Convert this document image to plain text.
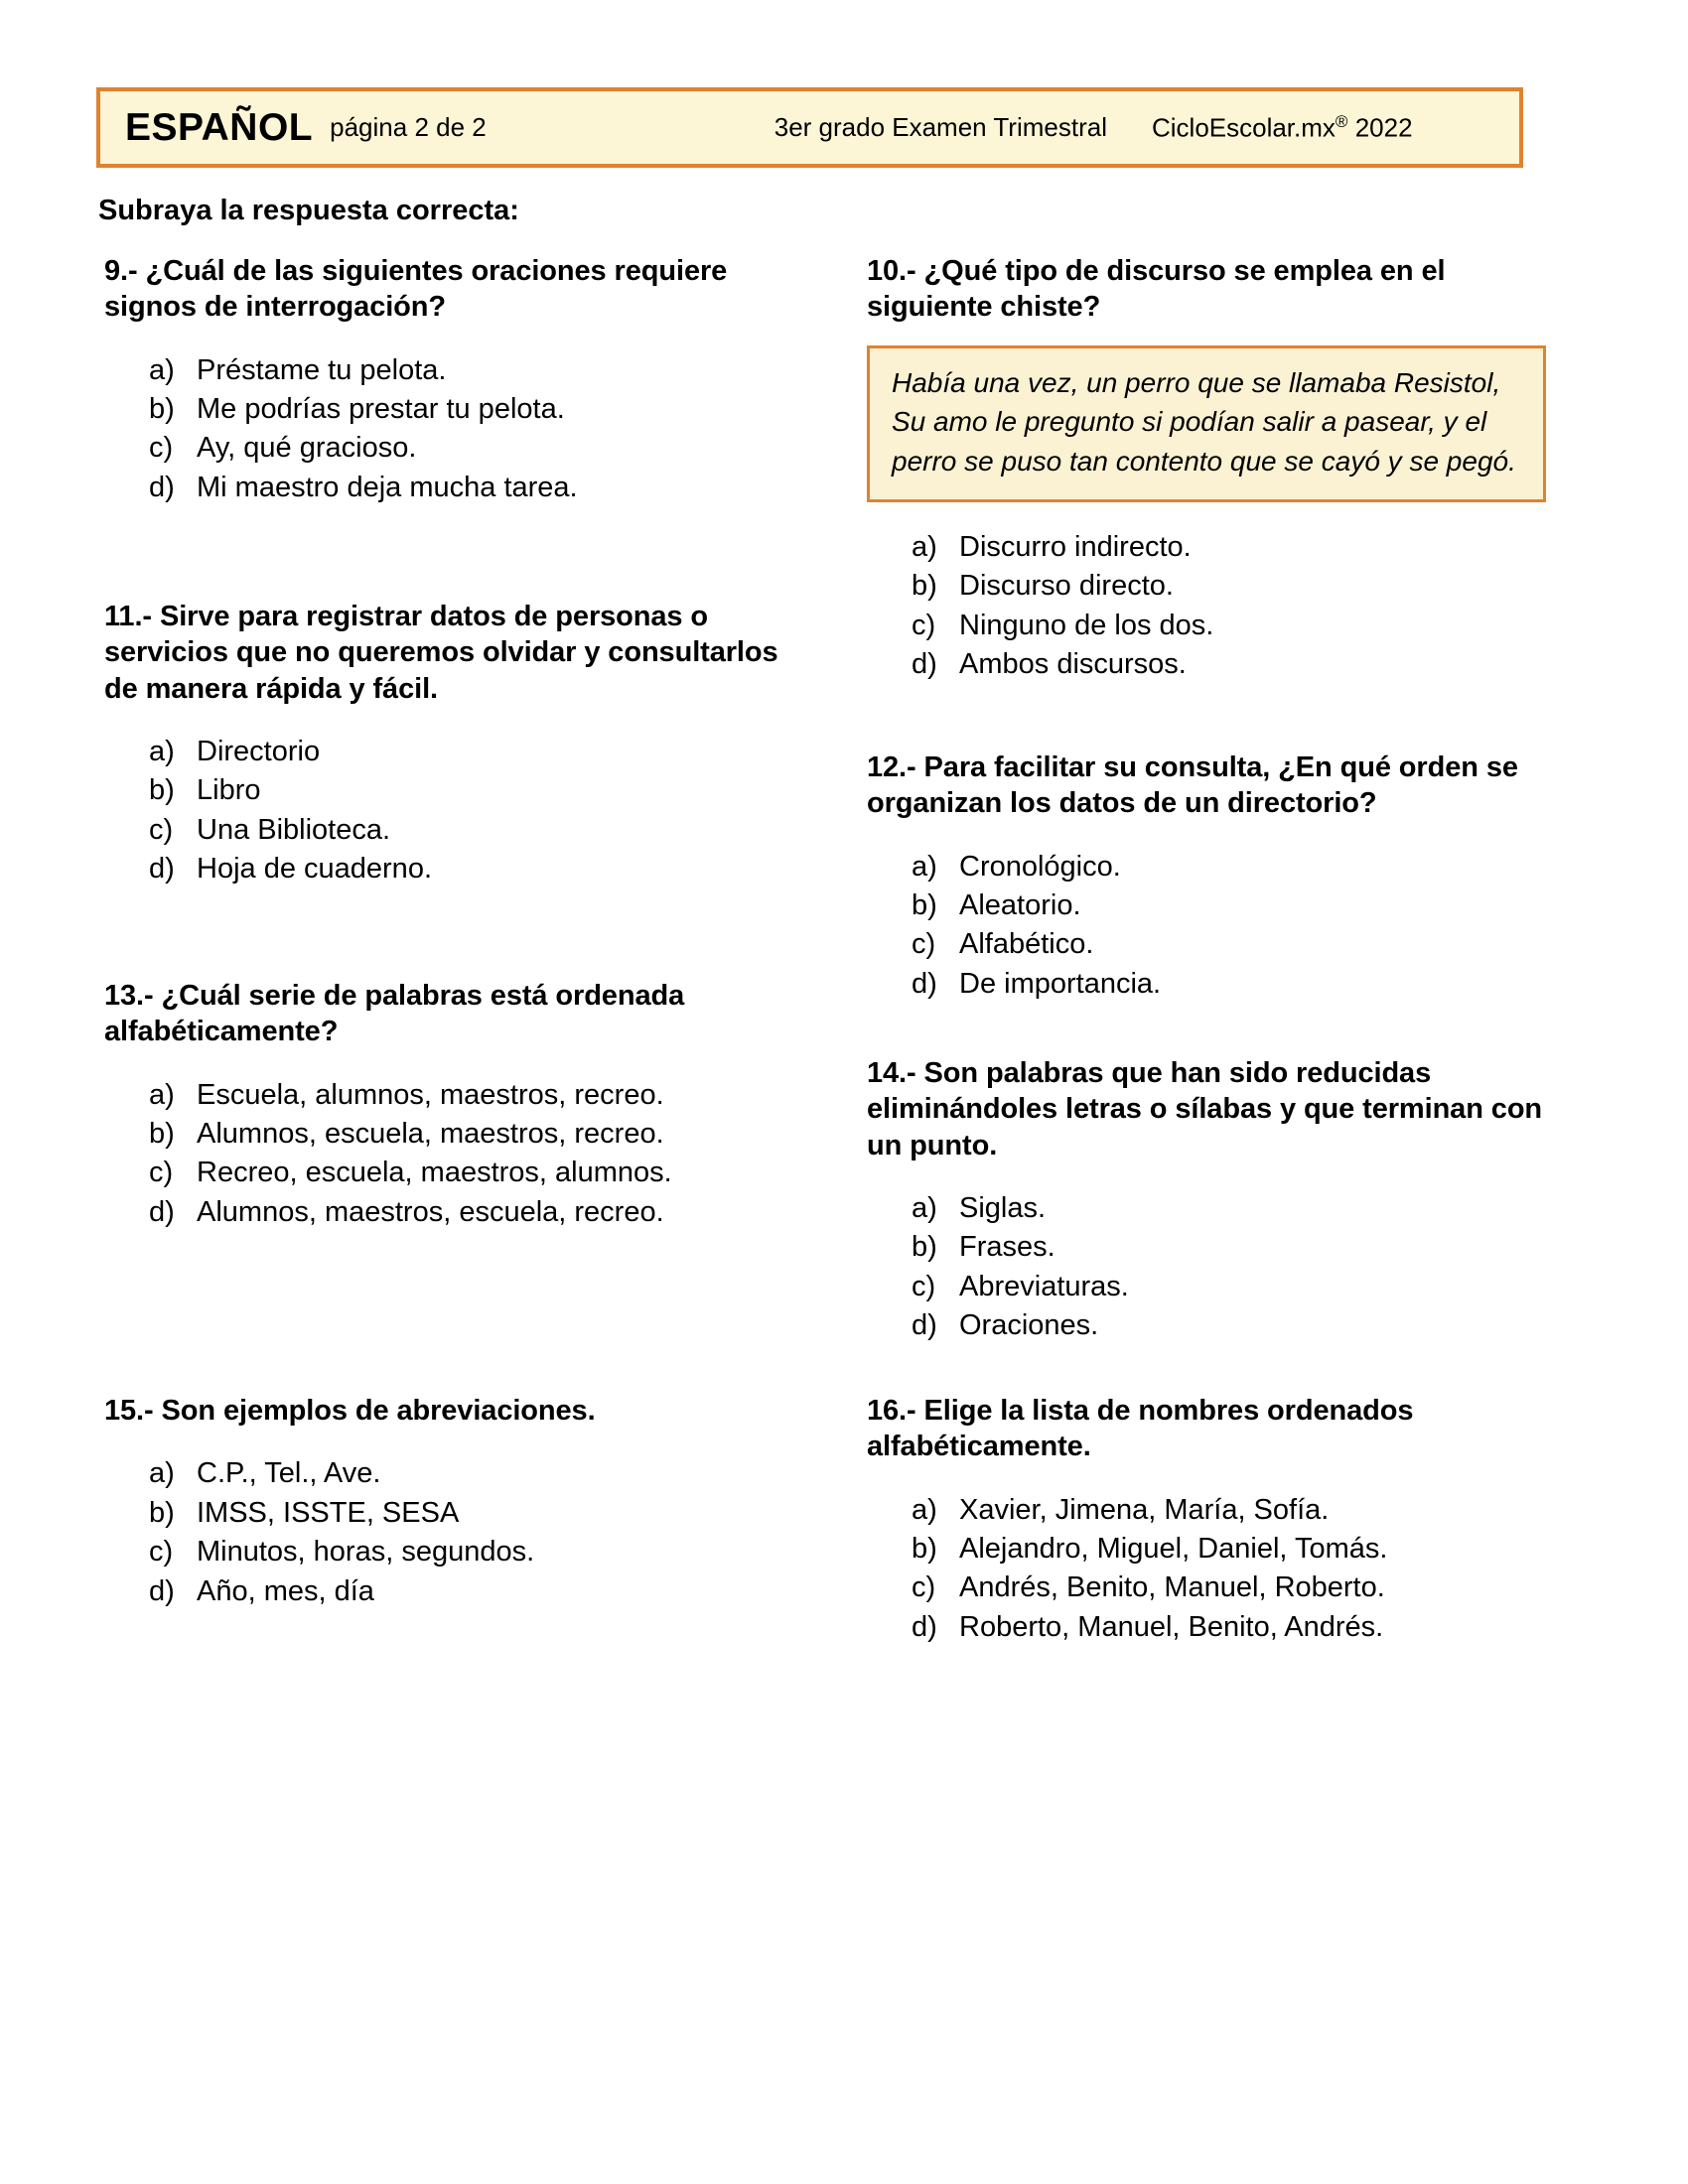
ESPAÑOL página 2 de 2	3er grado Examen Trimestral CicloEscolar.mx® 2022
Subraya la respuesta correcta:

9.- ¿Cuál de las siguientes oraciones requiere signos de interrogación?

a) Préstame tu pelota.
b) Me podrías prestar tu pelota.
c) Ay, qué gracioso.
d) Mi maestro deja mucha tarea.

11.- Sirve para registrar datos de personas o servicios que no queremos olvidar y consultarlos de manera rápida y fácil.

a) Directorio
b) Libro
c) Una Biblioteca.
d) Hoja de cuaderno.

13.- ¿Cuál serie de palabras está ordenada alfabéticamente?

a) Escuela, alumnos, maestros, recreo.
b) Alumnos, escuela, maestros, recreo.
c) Recreo, escuela, maestros, alumnos.
d) Alumnos, maestros, escuela, recreo.

15.- Son ejemplos de abreviaciones.

a) C.P., Tel., Ave.
b) IMSS, ISSTE, SESA
c) Minutos, horas, segundos.
d) Año, mes, día

10.- ¿Qué tipo de discurso se emplea en el siguiente chiste?

Había una vez, un perro que se llamaba Resistol, Su amo le pregunto si podían salir a pasear, y el perro se puso tan contento que se cayó y se pegó.

a) Discurro indirecto.
b) Discurso directo.
c) Ninguno de los dos.
d) Ambos discursos.

12.- Para facilitar su consulta, ¿En qué orden se organizan los datos de un directorio?

a) Cronológico.
b) Aleatorio.
c) Alfabético.
d) De importancia.

14.- Son palabras que han sido reducidas eliminándoles letras o sílabas y que terminan con un punto.

a) Siglas.
b) Frases.
c) Abreviaturas.
d) Oraciones.

16.- Elige la lista de nombres ordenados alfabéticamente.

a) Xavier, Jimena, María, Sofía.
b) Alejandro, Miguel, Daniel, Tomás.
c) Andrés, Benito, Manuel, Roberto.
d) Roberto, Manuel, Benito, Andrés.
